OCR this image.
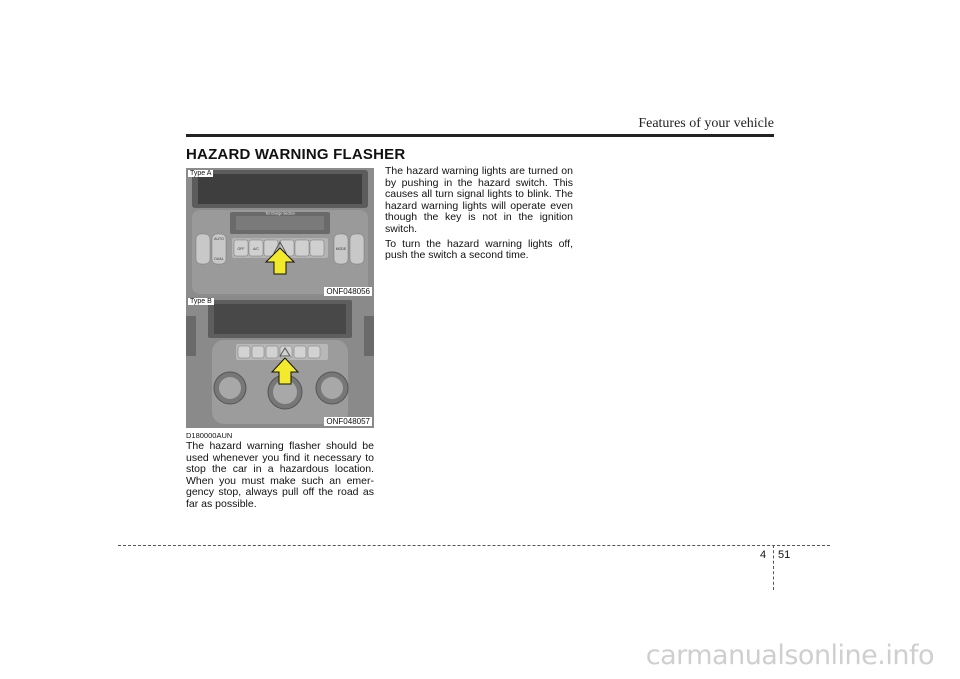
Features of your vehicle
HAZARD WARNING FLASHER
Tel Charge Section
OFF A/C
AUTO
DUAL
MODE
Type A
ONF048056
Type B
ONF048057
D180000AUN
The hazard warning flasher should be used whenever you find it necessary to stop the car in a hazardous location. When you must make such an emer-gency stop, always pull off the road as far as possible.

The hazard warning lights are turned on by pushing in the hazard switch. This causes all turn signal lights to blink. The hazard warning lights will operate even though the key is not in the ignition switch.

To turn the hazard warning lights off, push the switch a second time.

4 51
carmanualsonline.info
